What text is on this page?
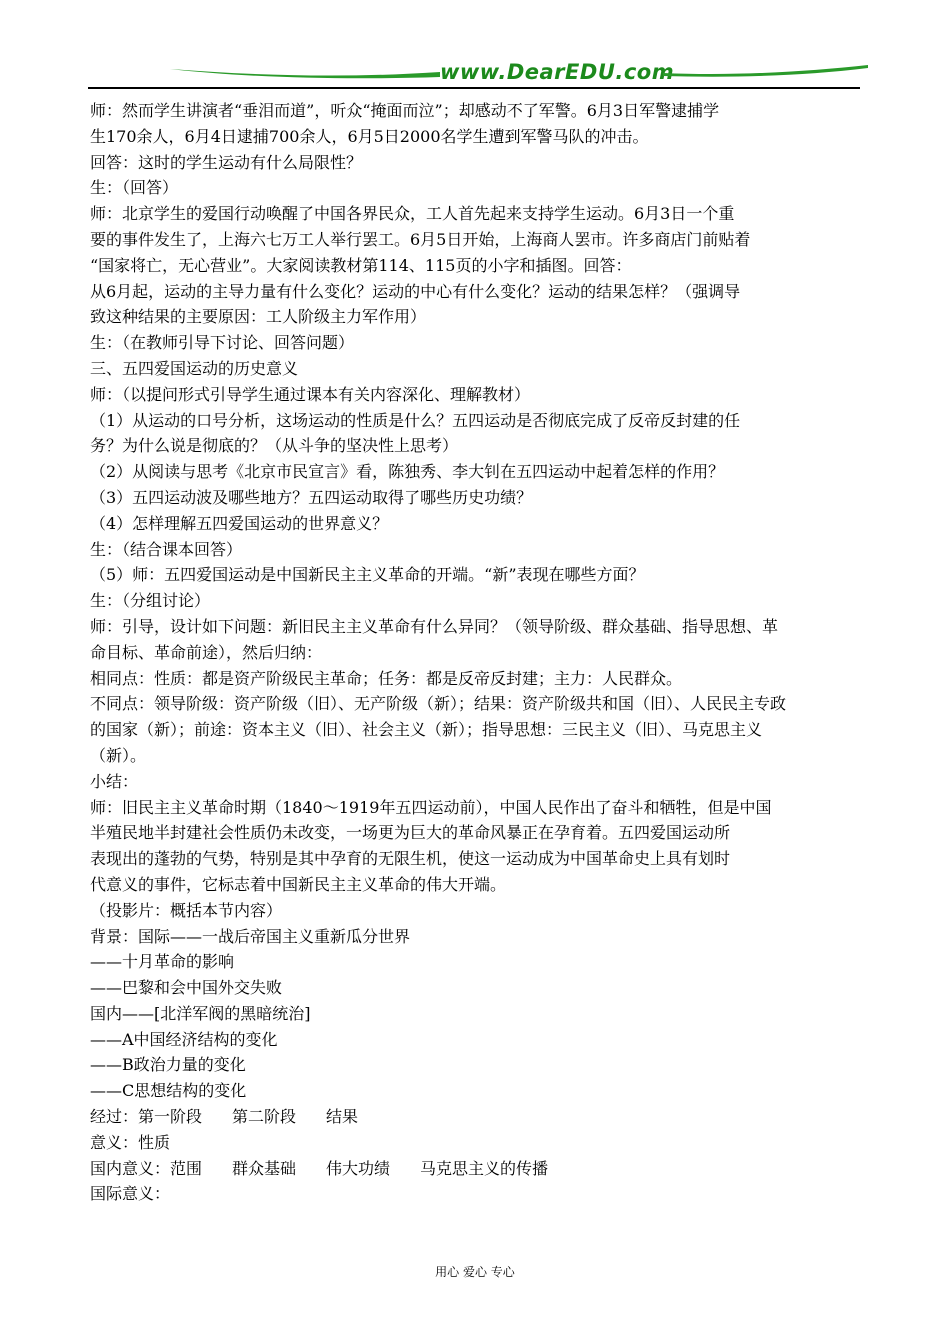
www.DearEDU.com
师：然而学生讲演者“垂泪而道”，听众“掩面而泣”；却感动不了军警。6月3日军警逮捕学
生170余人，6月4日逮捕700余人，6月5日2000名学生遭到军警马队的冲击。
回答：这时的学生运动有什么局限性？
生：（回答）
师：北京学生的爱国行动唤醒了中国各界民众，工人首先起来支持学生运动。6月3日一个重
要的事件发生了，上海六七万工人举行罢工。6月5日开始，上海商人罢市。许多商店门前贴着
“国家将亡，无心营业”。大家阅读教材第114、115页的小字和插图。回答：
从6月起，运动的主导力量有什么变化？运动的中心有什么变化？运动的结果怎样？（强调导
致这种结果的主要原因：工人阶级主力军作用）
生：（在教师引导下讨论、回答问题）
三、五四爱国运动的历史意义
师：（以提问形式引导学生通过课本有关内容深化、理解教材）
（1）从运动的口号分析，这场运动的性质是什么？五四运动是否彻底完成了反帝反封建的任
务？为什么说是彻底的？（从斗争的坚决性上思考）
（2）从阅读与思考《北京市民宣言》看，陈独秀、李大钊在五四运动中起着怎样的作用？
（3）五四运动波及哪些地方？五四运动取得了哪些历史功绩？
（4）怎样理解五四爱国运动的世界意义？
生：（结合课本回答）
（5）师：五四爱国运动是中国新民主主义革命的开端。“新”表现在哪些方面？
生：（分组讨论）
师：引导，设计如下问题：新旧民主主义革命有什么异同？（领导阶级、群众基础、指导思想、革
命目标、革命前途），然后归纳：
相同点：性质：都是资产阶级民主革命；任务：都是反帝反封建；主力：人民群众。
不同点：领导阶级：资产阶级（旧）、无产阶级（新）；结果：资产阶级共和国（旧）、人民民主专政
的国家（新）；前途：资本主义（旧）、社会主义（新）；指导思想：三民主义（旧）、马克思主义
（新）。
小结：
师：旧民主主义革命时期（1840～1919年五四运动前），中国人民作出了奋斗和牺牲，但是中国
半殖民地半封建社会性质仍未改变，一场更为巨大的革命风暴正在孕育着。五四爱国运动所
表现出的蓬勃的气势，特别是其中孕育的无限生机，使这一运动成为中国革命史上具有划时
代意义的事件，它标志着中国新民主主义革命的伟大开端。
（投影片：概括本节内容）
背景：国际——一战后帝国主义重新瓜分世界
——十月革命的影响
——巴黎和会中国外交失败
国内——[北洋军阀的黑暗统治]
——A中国经济结构的变化
——B政治力量的变化
——C思想结构的变化
经过：第一阶段 第二阶段 结果
意义：性质
国内意义：范围 群众基础 伟大功绩 马克思主义的传播
国际意义：
用心 爱心 专心
